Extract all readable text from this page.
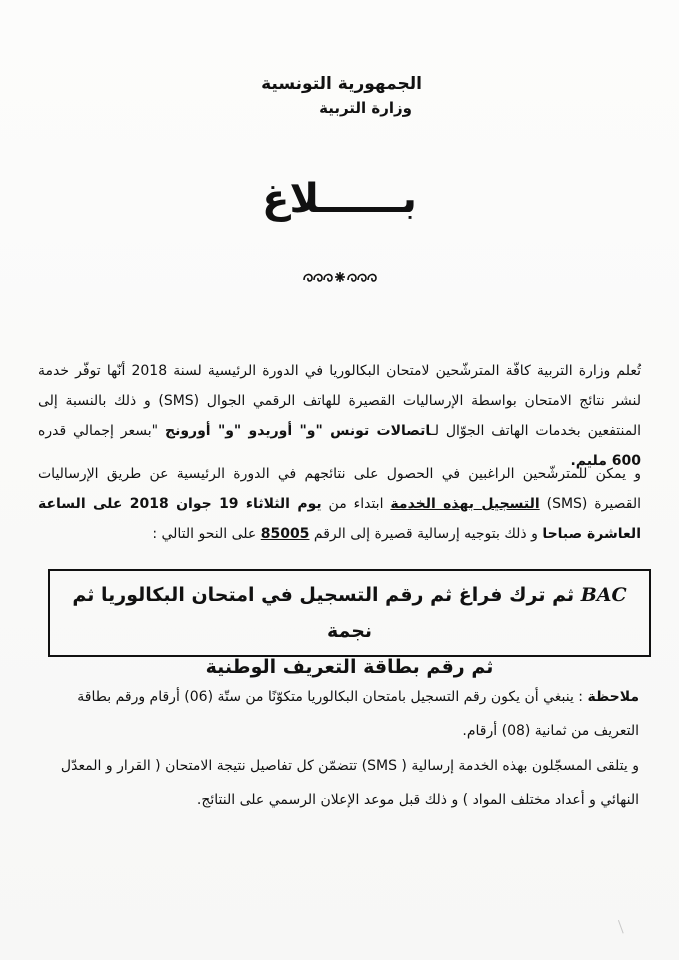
الجمهورية التونسية
وزارة التربية
بــــــلاغ
تُعلم وزارة التربية كافّة المترشّحين لامتحان البكالوريا في الدورة الرئيسية لسنة 2018 أنّها توفّر خدمة لنشر نتائج الامتحان بواسطة الإرساليات القصيرة للهاتف الرقمي الجوال (SMS) و ذلك بالنسبة إلى المنتفعين بخدمات الهاتف الجوّال لـاتصالات تونس "و" أوريدو "و" أورونج "بسعر إجمالي قدره 600 مليم.
و يمكن للمترشّحين الراغبين في الحصول على نتائجهم في الدورة الرئيسية عن طريق الإرساليات القصيرة (SMS) التسجيل بهذه الخدمة ابتداء من يوم الثلاثاء 19 جوان 2018 على الساعة العاشرة صباحا و ذلك بتوجيه إرسالية قصيرة إلى الرقم 85005 على النحو التالي :
BAC ثم ترك فراغ ثم رقم التسجيل في امتحان البكالوريا ثم نجمة
ثم رقم بطاقة التعريف الوطنية
ملاحظة : ينبغي أن يكون رقم التسجيل بامتحان البكالوريا متكوّنًا من ستّة (06) أرقام ورقم بطاقة التعريف من ثمانية (08) أرقام.
و يتلقى المسجّلون بهذه الخدمة إرسالية ( SMS) تتضمّن كل تفاصيل نتيجة الامتحان ( القرار و المعدّل النهائي و أعداد مختلف المواد ) و ذلك قبل موعد الإعلان الرسمي على النتائج.
